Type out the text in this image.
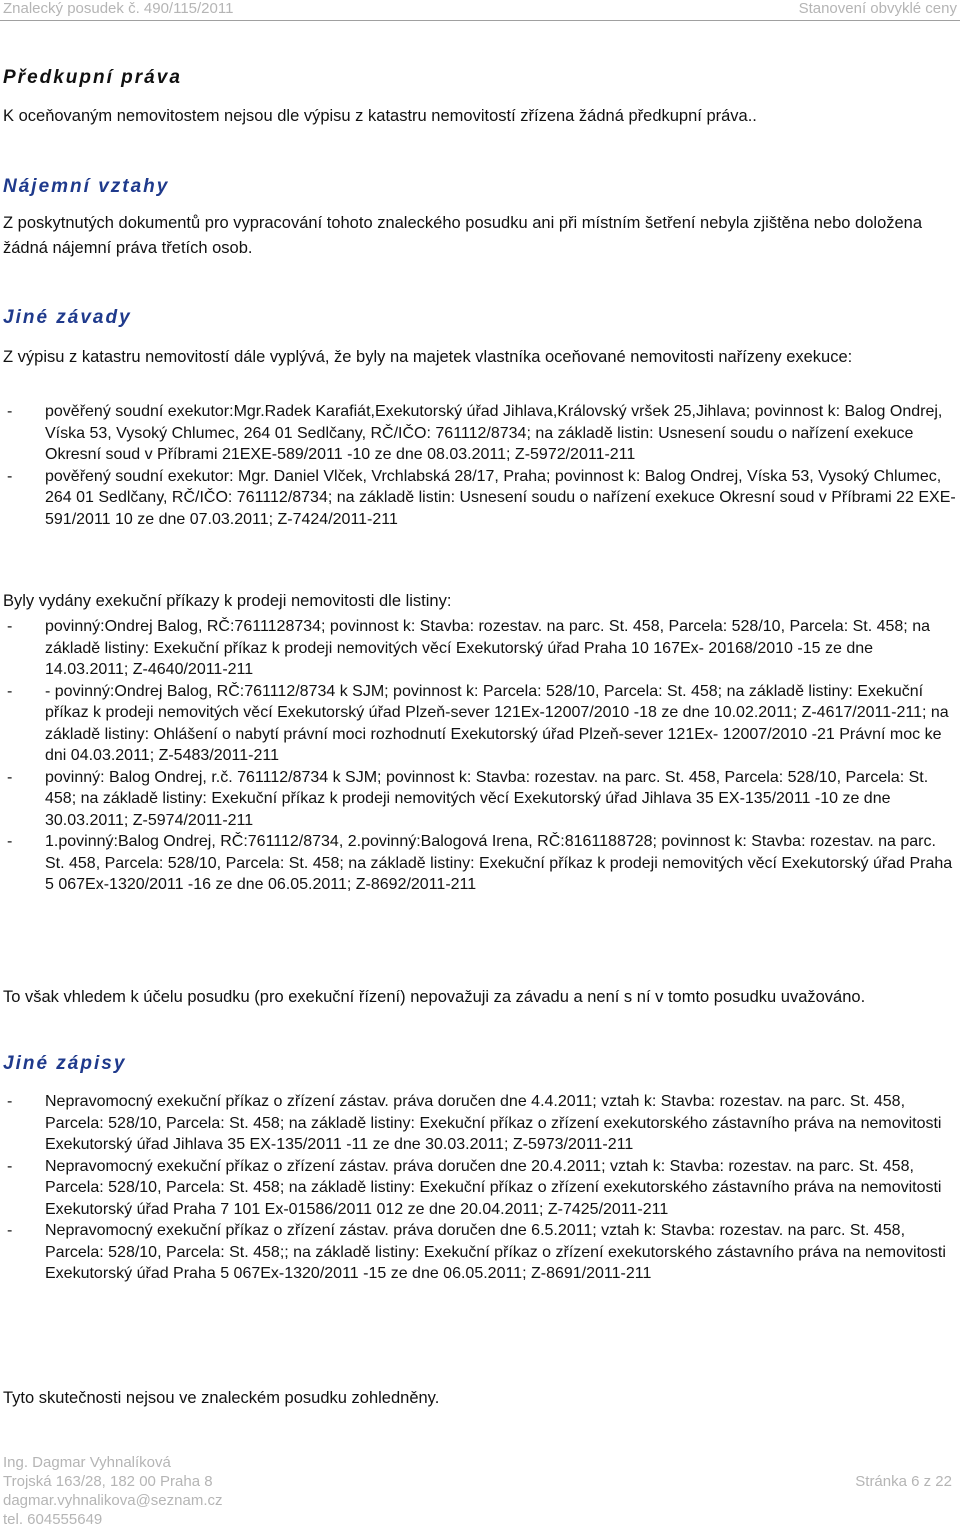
Znalecký posudek č. 490/115/2011	Stanovení obvyklé ceny
Předkupní práva
K oceňovaným nemovitostem nejsou dle výpisu z katastru nemovitostí zřízena žádná předkupní práva..
Nájemní vztahy
Z poskytnutých dokumentů pro vypracování tohoto znaleckého posudku ani při místním šetření nebyla zjištěna nebo doložena žádná nájemní práva třetích osob.
Jiné závady
Z výpisu z katastru nemovitostí dále vyplývá, že byly na majetek vlastníka oceňované nemovitosti nařízeny exekuce:
- pověřený soudní exekutor:Mgr.Radek Karafiát,Exekutorský úřad Jihlava,Královský vršek 25,Jihlava; povinnost k: Balog Ondrej, Víska 53, Vysoký Chlumec, 264 01 Sedlčany, RČ/IČO: 761112/8734; na základě listin: Usnesení soudu o nařízení exekuce Okresní soud v Příbrami 21EXE-589/2011 -10 ze dne 08.03.2011; Z-5972/2011-211
- pověřený soudní exekutor: Mgr. Daniel Vlček, Vrchlabská 28/17, Praha; povinnost k: Balog Ondrej, Víska 53, Vysoký Chlumec, 264 01 Sedlčany, RČ/IČO: 761112/8734; na základě listin: Usnesení soudu o nařízení exekuce Okresní soud v Příbrami 22 EXE-591/2011 10 ze dne 07.03.2011; Z-7424/2011-211
Byly vydány exekuční příkazy k prodeji nemovitosti dle listiny:
- povinný:Ondrej Balog, RČ:7611128734; povinnost k: Stavba: rozestav. na parc. St. 458, Parcela: 528/10, Parcela: St. 458; na základě listiny: Exekuční příkaz k prodeji nemovitých věcí Exekutorský úřad Praha 10 167Ex- 20168/2010 -15 ze dne 14.03.2011; Z-4640/2011-211
- - povinný:Ondrej Balog, RČ:761112/8734 k SJM; povinnost k: Parcela: 528/10, Parcela: St. 458; na základě listiny: Exekuční příkaz k prodeji nemovitých věcí Exekutorský úřad Plzeň-sever 121Ex-12007/2010 -18 ze dne 10.02.2011; Z-4617/2011-211; na základě listiny: Ohlášení o nabytí právní moci rozhodnutí Exekutorský úřad Plzeň-sever 121Ex- 12007/2010 -21 Právní moc ke dni 04.03.2011; Z-5483/2011-211
- povinný: Balog Ondrej, r.č. 761112/8734 k SJM; povinnost k: Stavba: rozestav. na parc. St. 458, Parcela: 528/10, Parcela: St. 458; na základě listiny: Exekuční příkaz k prodeji nemovitých věcí Exekutorský úřad Jihlava 35 EX-135/2011 -10 ze dne 30.03.2011; Z-5974/2011-211
- 1.povinný:Balog Ondrej, RČ:761112/8734, 2.povinný:Balogová Irena, RČ:8161188728; povinnost k: Stavba: rozestav. na parc. St. 458, Parcela: 528/10, Parcela: St. 458; na základě listiny: Exekuční příkaz k prodeji nemovitých věcí Exekutorský úřad Praha 5 067Ex-1320/2011 -16 ze dne 06.05.2011; Z-8692/2011-211
To však vhledem k účelu posudku (pro exekuční řízení) nepovažuji za závadu a není s ní v tomto posudku uvažováno.
Jiné zápisy
- Nepravomocný exekuční příkaz o zřízení zástav. práva doručen dne 4.4.2011; vztah k: Stavba: rozestav. na parc. St. 458, Parcela: 528/10, Parcela: St. 458; na základě listiny: Exekuční příkaz o zřízení exekutorského zástavního práva na nemovitosti Exekutorský úřad Jihlava 35 EX-135/2011 -11 ze dne 30.03.2011; Z-5973/2011-211
- Nepravomocný exekuční příkaz o zřízení zástav. práva doručen dne 20.4.2011; vztah k: Stavba: rozestav. na parc. St. 458, Parcela: 528/10, Parcela: St. 458; na základě listiny: Exekuční příkaz o zřízení exekutorského zástavního práva na nemovitosti Exekutorský úřad Praha 7 101 Ex-01586/2011 012 ze dne 20.04.2011; Z-7425/2011-211
- Nepravomocný exekuční příkaz o zřízení zástav. práva doručen dne 6.5.2011; vztah k: Stavba: rozestav. na parc. St. 458, Parcela: 528/10, Parcela: St. 458;; na základě listiny: Exekuční příkaz o zřízení exekutorského zástavního práva na nemovitosti Exekutorský úřad Praha 5 067Ex-1320/2011 -15 ze dne 06.05.2011; Z-8691/2011-211
Tyto skutečnosti nejsou ve znaleckém posudku zohledněny.
Ing. Dagmar Vyhnalíková
Trojská 163/28, 182 00 Praha 8
dagmar.vyhnalikova@seznam.cz
tel. 604555649
Stránka 6 z 22
